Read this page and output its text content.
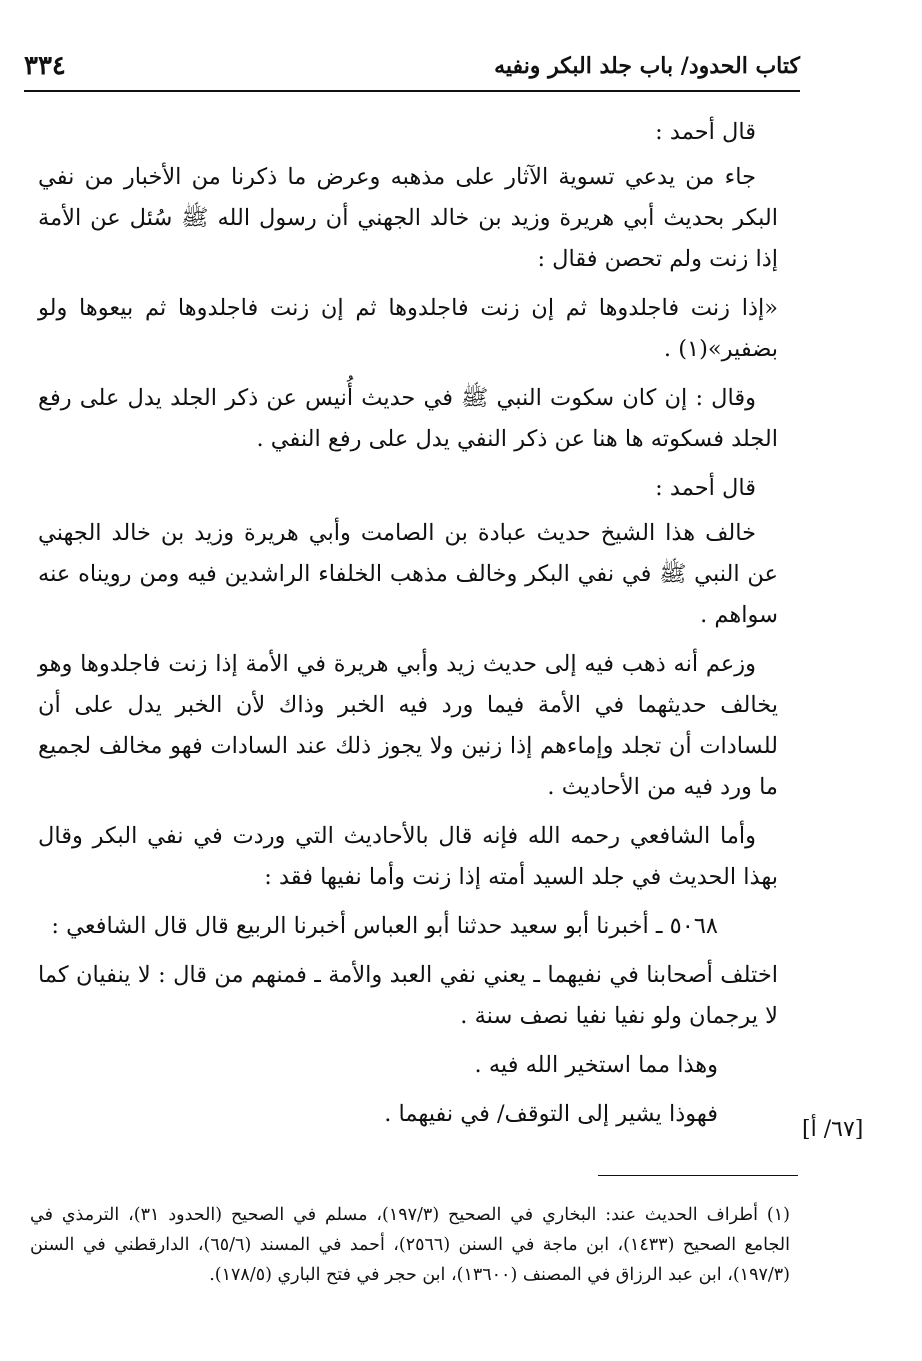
كتاب الحدود/ باب جلد البكر ونفيه
٣٣٤

قال أحمد :

جاء من يدعي تسوية الآثار على مذهبه وعرض ما ذكرنا من الأخبار من نفي البكر بحديث أبي هريرة وزيد بن خالد الجهني أن رسول الله ﷺ سُئل عن الأمة إذا زنت ولم تحصن فقال :

«إذا زنت فاجلدوها ثم إن زنت فاجلدوها ثم إن زنت فاجلدوها ثم بيعوها ولو بضفير»(١) .

وقال : إن كان سكوت النبي ﷺ في حديث أُنيس عن ذكر الجلد يدل على رفع الجلد فسكوته ها هنا عن ذكر النفي يدل على رفع النفي .

قال أحمد :

خالف هذا الشيخ حديث عبادة بن الصامت وأبي هريرة وزيد بن خالد الجهني عن النبي ﷺ في نفي البكر وخالف مذهب الخلفاء الراشدين فيه ومن رويناه عنه سواهم .

وزعم أنه ذهب فيه إلى حديث زيد وأبي هريرة في الأمة إذا زنت فاجلدوها وهو يخالف حديثهما في الأمة فيما ورد فيه الخبر وذاك لأن الخبر يدل على أن للسادات أن تجلد وإماءهم إذا زنين ولا يجوز ذلك عند السادات فهو مخالف لجميع ما ورد فيه من الأحاديث .

وأما الشافعي رحمه الله فإنه قال بالأحاديث التي وردت في نفي البكر وقال بهذا الحديث في جلد السيد أمته إذا زنت وأما نفيها فقد :

٥٠٦٨ ـ أخبرنا أبو سعيد حدثنا أبو العباس أخبرنا الربيع قال قال الشافعي :

اختلف أصحابنا في نفيهما ـ يعني نفي العبد والأمة ـ فمنهم من قال : لا ينفيان كما لا يرجمان ولو نفيا نفيا نصف سنة .

وهذا مما استخير الله فيه .

فهوذا يشير إلى التوقف/ في نفيهما .

[٦٧/ أ]
(١) أطراف الحديث عند: البخاري في الصحيح (١٩٧/٣)، مسلم في الصحيح (الحدود ٣١)، الترمذي في الجامع الصحيح (١٤٣٣)، ابن ماجة في السنن (٢٥٦٦)، أحمد في المسند (٦٥/٦)، الدارقطني في السنن (١٩٧/٣)، ابن عبد الرزاق في المصنف (١٣٦٠٠)، ابن حجر في فتح الباري (١٧٨/٥).
